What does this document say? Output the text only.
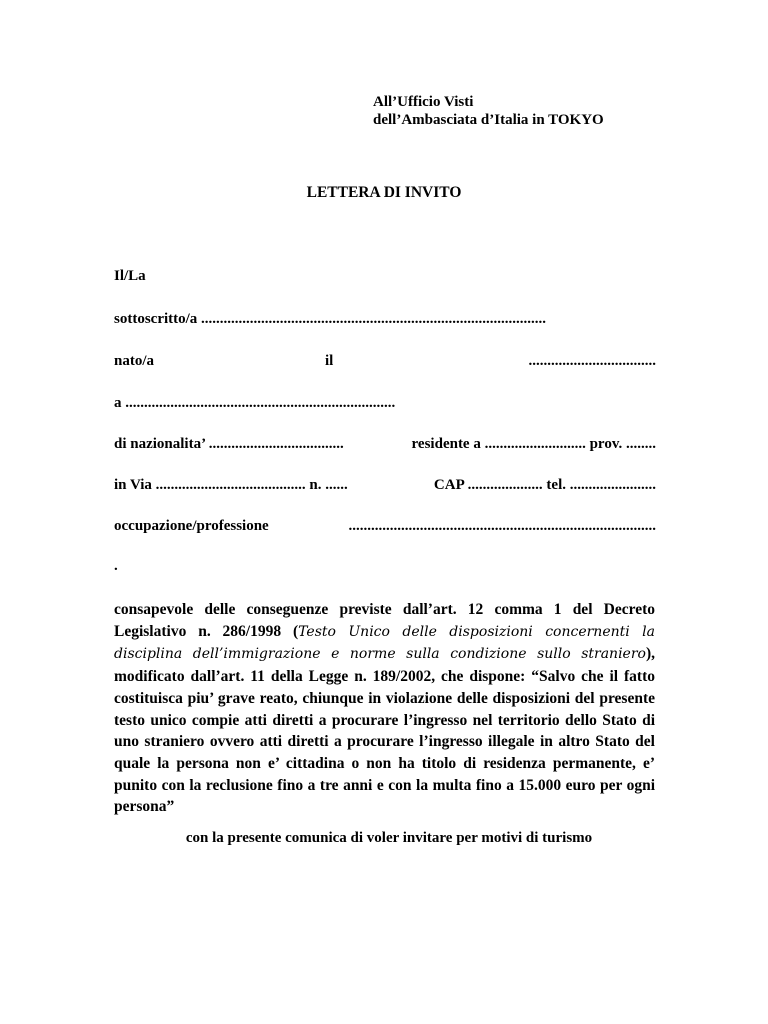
All’Ufficio Visti
dell’Ambasciata d’Italia in TOKYO
LETTERA DI INVITO
Il/La
sottoscritto/a ............................................................................................
nato/a	il	..................................
a ........................................................................
di nazionalita’ ....................................	residente a ........................... prov. ........
in Via ........................................ n. ......	CAP .................... tel. .......................
occupazione/professione	..................................................................................
.
consapevole delle conseguenze previste dall’art. 12 comma 1 del Decreto Legislativo n. 286/1998 (Testo Unico delle disposizioni concernenti la disciplina dell’immigrazione e norme sulla condizione sullo straniero), modificato dall’art. 11 della Legge n. 189/2002, che dispone: “Salvo che il fatto costituisca piu’ grave reato, chiunque in violazione delle disposizioni del presente testo unico compie atti diretti a procurare l’ingresso nel territorio dello Stato di uno straniero ovvero atti diretti a procurare l’ingresso illegale in altro Stato del quale la persona non e’ cittadina o non ha titolo di residenza permanente, e’ punito con la reclusione fino a tre anni e con la multa fino a 15.000 euro per ogni persona”
con la presente comunica di voler invitare per motivi di turismo
